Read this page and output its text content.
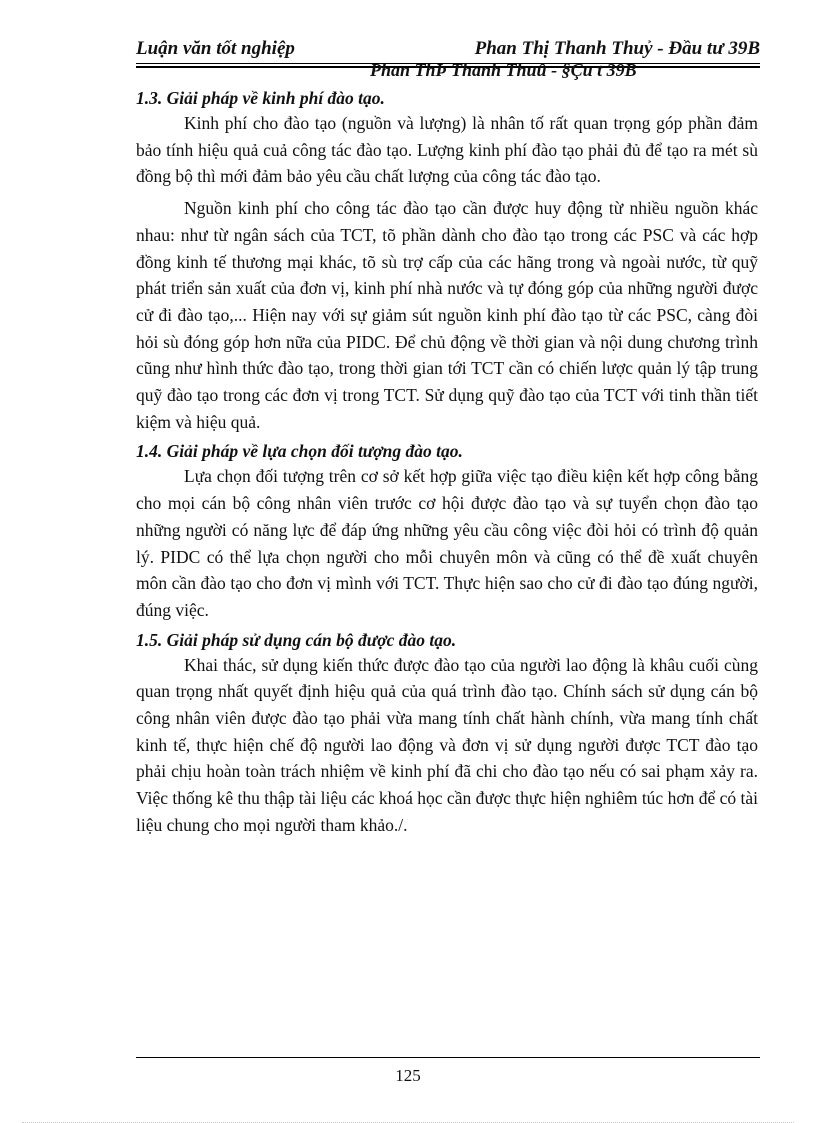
Luận văn tốt nghiệp	Phan Thị Thanh Thuỷ - Đầu tư 39B
Phan ThÞ Thanh Thuû - §Çu t 39B
1.3. Giải pháp về kinh phí đào tạo.

Kinh phí cho đào tạo (nguồn và lượng) là nhân tố rất quan trọng góp phần đảm bảo tính hiệu quả cuả công tác đào tạo. Lượng kinh phí đào tạo phải đủ để tạo ra mét sù đồng bộ thì mới đảm bảo yêu cầu chất lượng của công tác đào tạo.

Nguồn kinh phí cho công tác đào tạo cần được huy động từ nhiều nguồn khác nhau: như từ ngân sách của TCT, tõ phần dành cho đào tạo trong các PSC và các hợp đồng kinh tế thương mại khác, tõ sù trợ cấp của các hãng trong và ngoài nước, từ quỹ phát triển sản xuất của đơn vị, kinh phí nhà nước và tự đóng góp của những người được cử đi đào tạo,... Hiện nay với sự giảm sút nguồn kinh phí đào tạo từ các PSC, càng đòi hỏi sù đóng góp hơn nữa của PIDC. Để chủ động về thời gian và nội dung chương trình cũng như hình thức đào tạo, trong thời gian tới TCT cần có chiến lược quản lý tập trung quỹ đào tạo trong các đơn vị trong TCT. Sử dụng quỹ đào tạo của TCT với tinh thần tiết kiệm và hiệu quả.

1.4. Giải pháp về lựa chọn đối tượng đào tạo.

Lựa chọn đối tượng trên cơ sở kết hợp giữa việc tạo điều kiện kết hợp công bằng cho mọi cán bộ công nhân viên trước cơ hội được đào tạo và sự tuyển chọn đào tạo những người có năng lực để đáp ứng những yêu cầu công việc đòi hỏi có trình độ quản lý. PIDC có thể lựa chọn người cho mỗi chuyên môn và cũng có thể đề xuất chuyên môn cần đào tạo cho đơn vị mình với TCT. Thực hiện sao cho cử đi đào tạo đúng người, đúng việc.

1.5. Giải pháp sử dụng cán bộ được đào tạo.

Khai thác, sử dụng kiến thức được đào tạo của người lao động là khâu cuối cùng quan trọng nhất quyết định hiệu quả của quá trình đào tạo. Chính sách sử dụng cán bộ công nhân viên được đào tạo phải vừa mang tính chất hành chính, vừa mang tính chất kinh tế, thực hiện chế độ người lao động và đơn vị sử dụng người được TCT đào tạo phải chịu hoàn toàn trách nhiệm về kinh phí đã chi cho đào tạo nếu có sai phạm xảy ra. Việc thống kê thu thập tài liệu các khoá học cần được thực hiện nghiêm túc hơn để có tài liệu chung cho mọi người tham khảo./.

125
